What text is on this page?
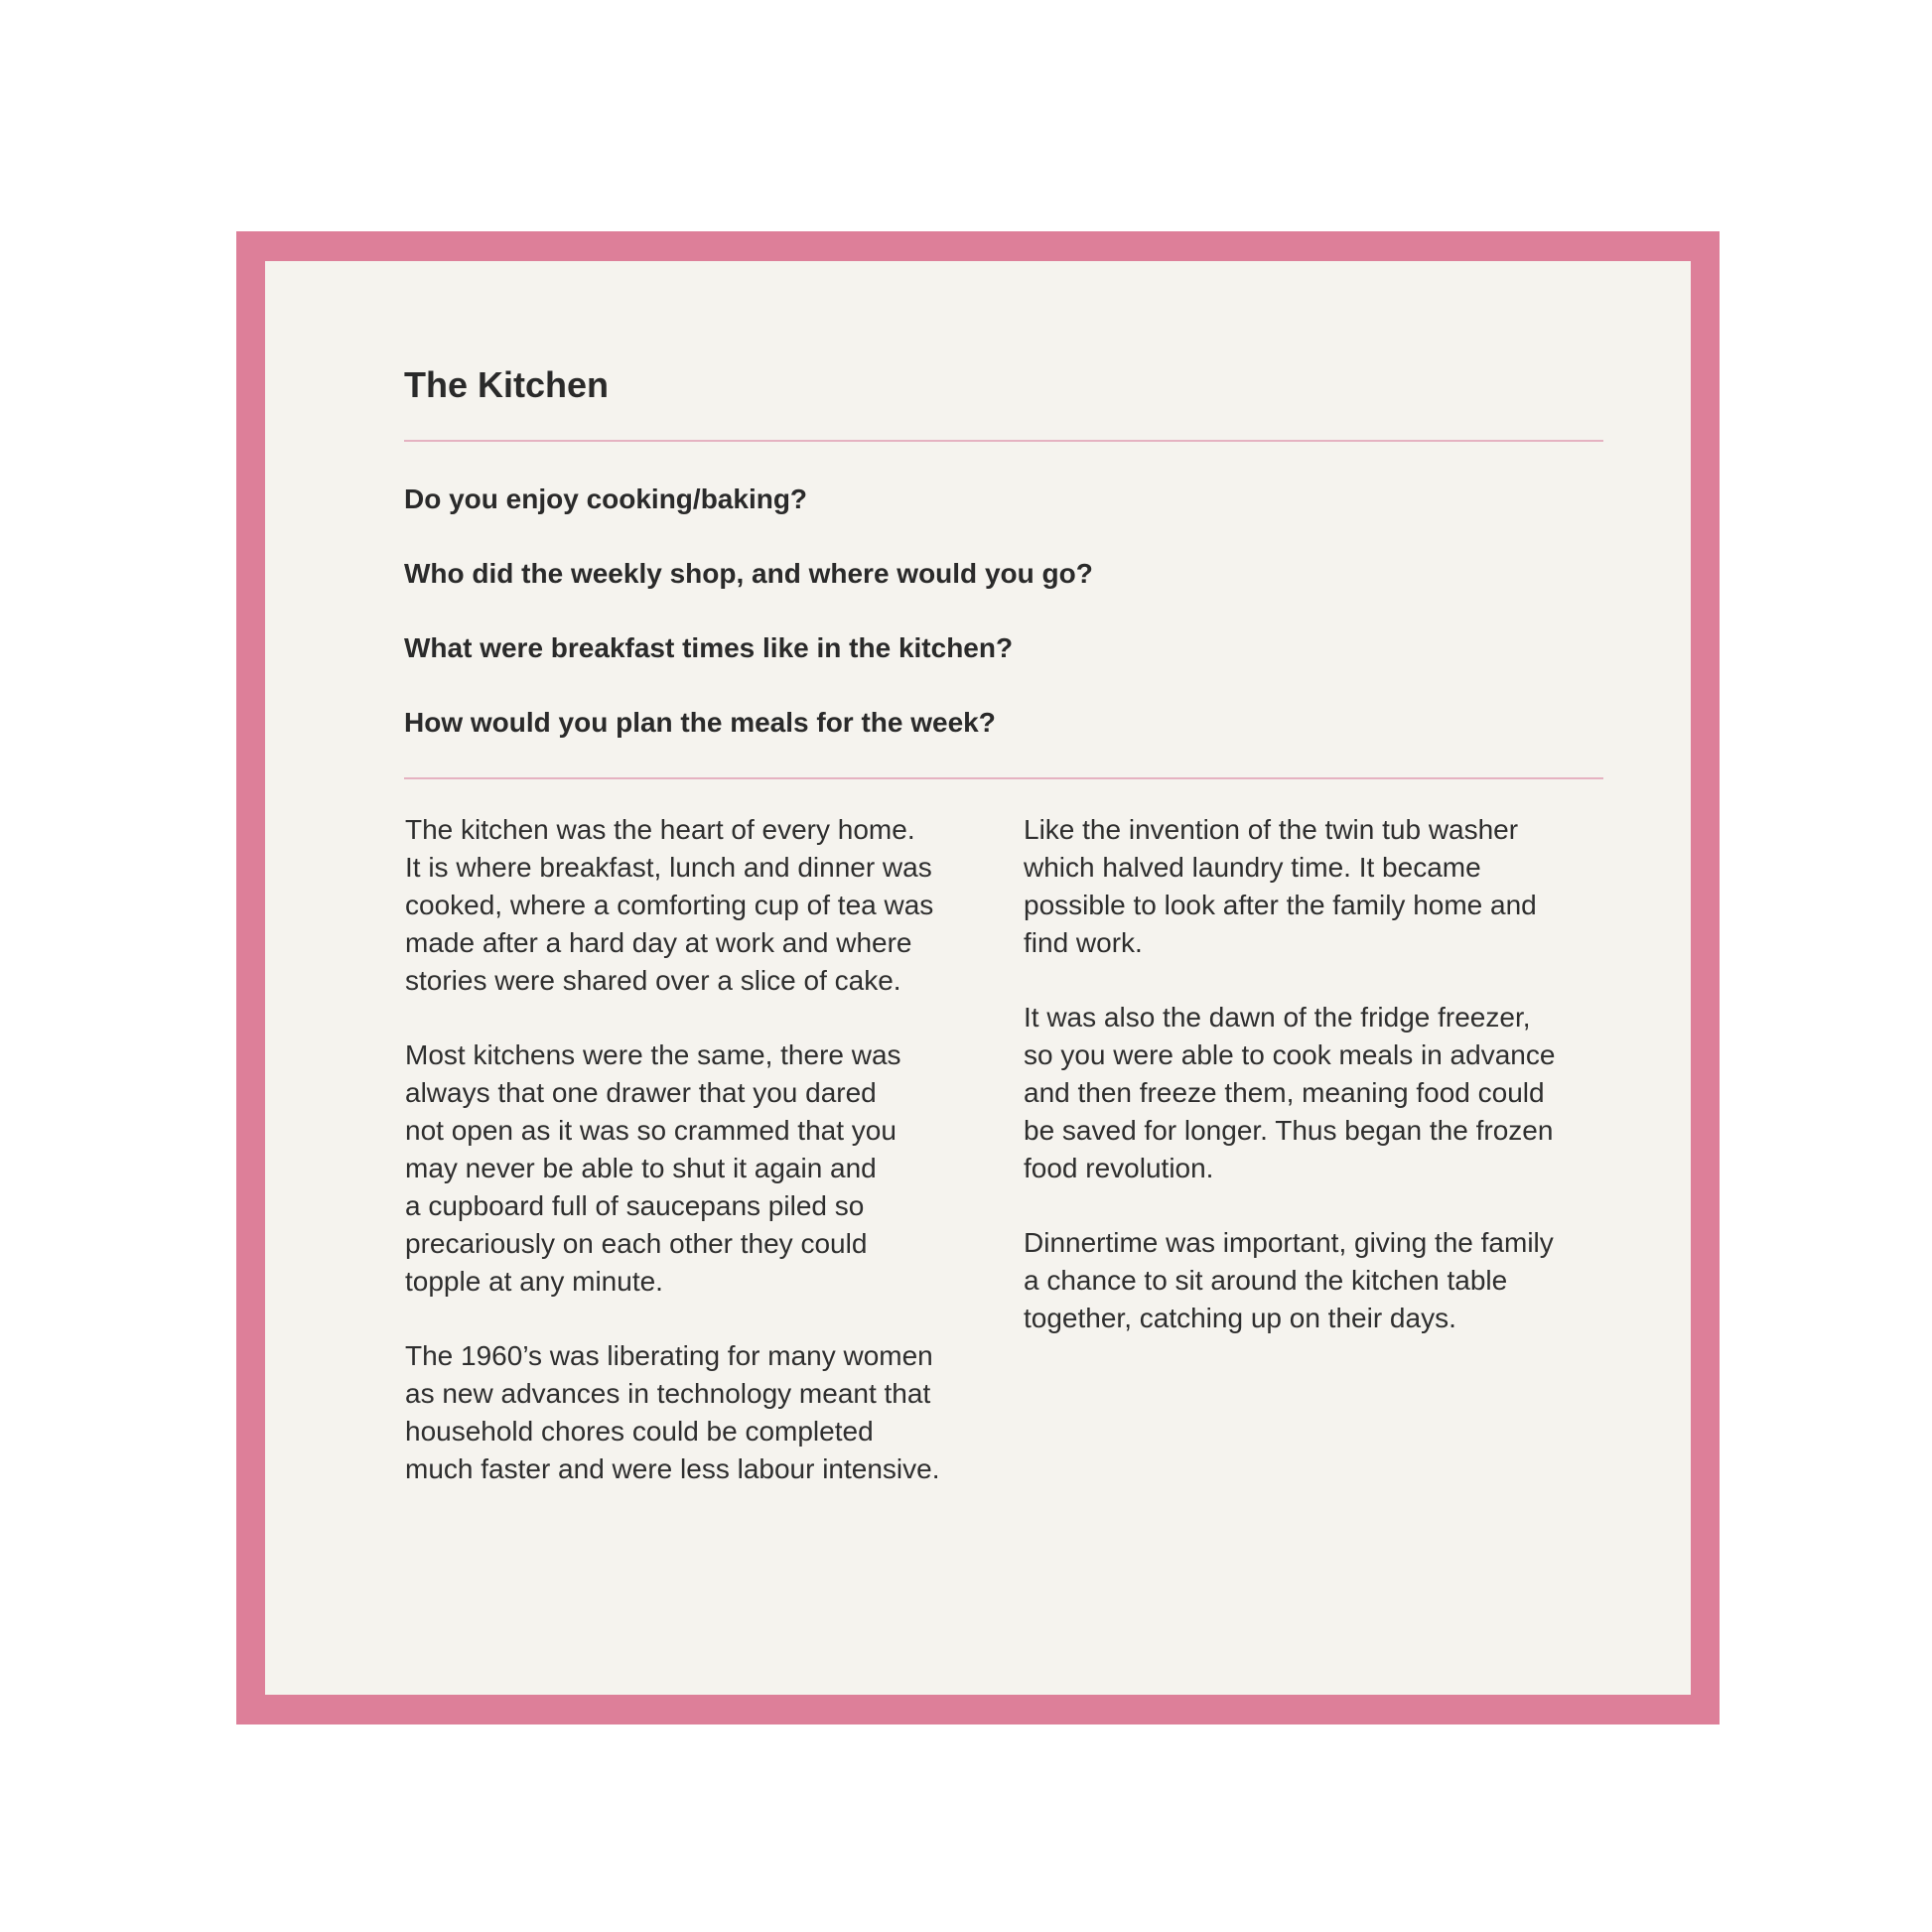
The Kitchen

Do you enjoy cooking/baking?

Who did the weekly shop, and where would you go?

What were breakfast times like in the kitchen?

How would you plan the meals for the week?

The kitchen was the heart of every home.
It is where breakfast, lunch and dinner was
cooked, where a comforting cup of tea was
made after a hard day at work and where
stories were shared over a slice of cake.

Most kitchens were the same, there was
always that one drawer that you dared
not open as it was so crammed that you
may never be able to shut it again and
a cupboard full of saucepans piled so
precariously on each other they could
topple at any minute.

The 1960’s was liberating for many women
as new advances in technology meant that
household chores could be completed
much faster and were less labour intensive.

Like the invention of the twin tub washer
which halved laundry time. It became
possible to look after the family home and
find work.

It was also the dawn of the fridge freezer,
so you were able to cook meals in advance
and then freeze them, meaning food could
be saved for longer. Thus began the frozen
food revolution.

Dinnertime was important, giving the family
a chance to sit around the kitchen table
together, catching up on their days.
